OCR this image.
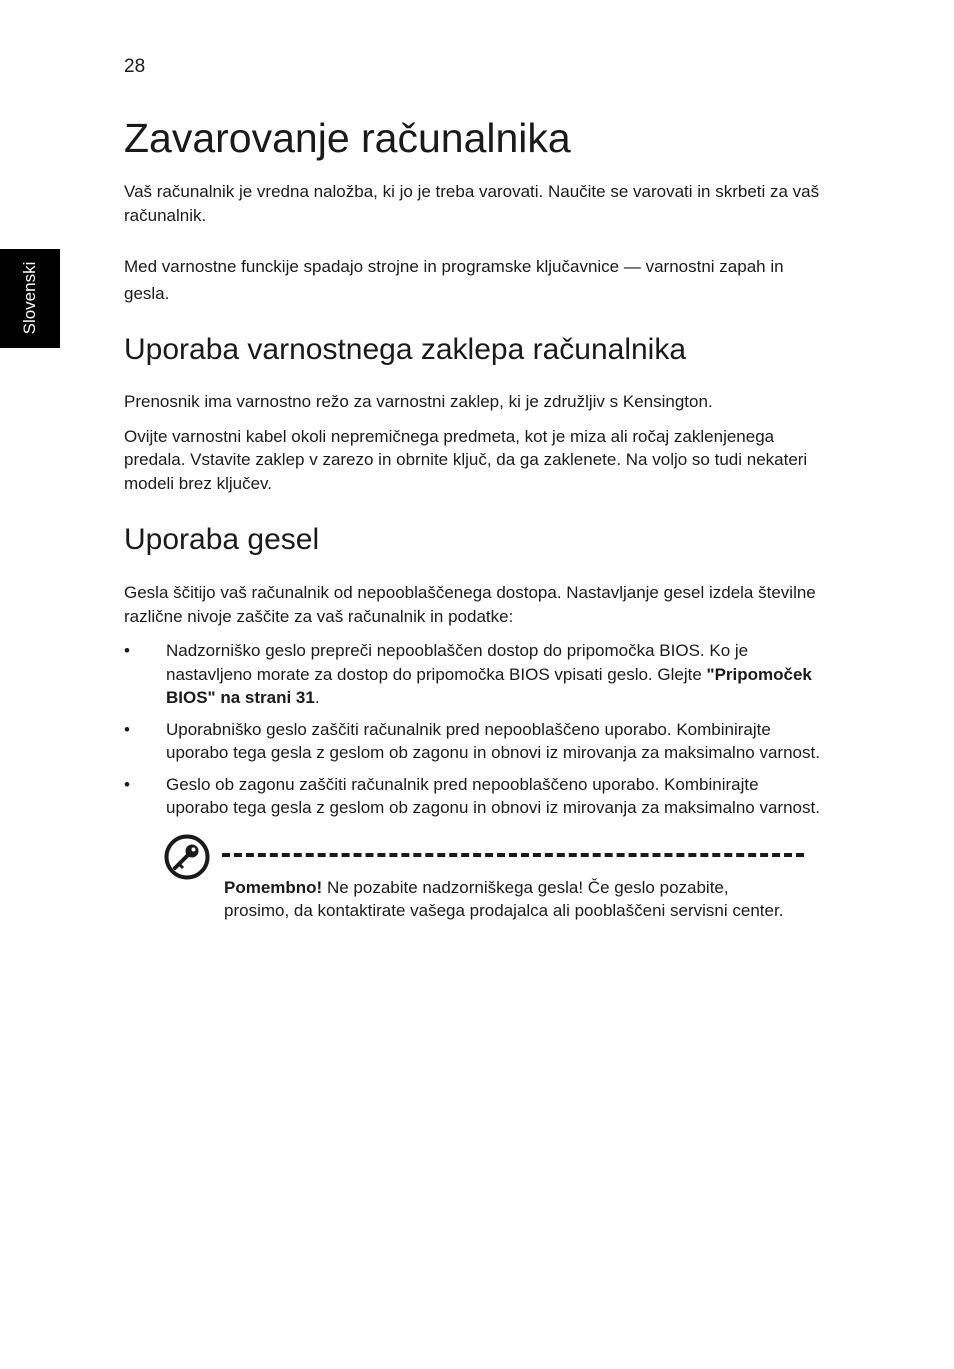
28
Slovenski
Zavarovanje računalnika

Vaš računalnik je vredna naložba, ki jo je treba varovati. Naučite se varovati in skrbeti za vaš računalnik.

Med varnostne funckije spadajo strojne in programske ključavnice — varnostni zapah in gesla.

Uporaba varnostnega zaklepa računalnika

Prenosnik ima varnostno režo za varnostni zaklep, ki je združljiv s Kensington.

Ovijte varnostni kabel okoli nepremičnega predmeta, kot je miza ali ročaj zaklenjenega predala. Vstavite zaklep v zarezo in obrnite ključ, da ga zaklenete. Na voljo so tudi nekateri modeli brez ključev.

Uporaba gesel

Gesla ščitijo vaš računalnik od nepooblaščenega dostopa. Nastavljanje gesel izdela številne različne nivoje zaščite za vaš računalnik in podatke:

• Nadzorniško geslo prepreči nepooblaščen dostop do pripomočka BIOS. Ko je nastavljeno morate za dostop do pripomočka BIOS vpisati geslo. Glejte "Pripomoček BIOS" na strani 31.
• Uporabniško geslo zaščiti računalnik pred nepooblaščeno uporabo. Kombinirajte uporabo tega gesla z geslom ob zagonu in obnovi iz mirovanja za maksimalno varnost.
• Geslo ob zagonu zaščiti računalnik pred nepooblaščeno uporabo. Kombinirajte uporabo tega gesla z geslom ob zagonu in obnovi iz mirovanja za maksimalno varnost.
Pomembno! Ne pozabite nadzorniškega gesla! Če geslo pozabite, prosimo, da kontaktirate vašega prodajalca ali pooblaščeni servisni center.
